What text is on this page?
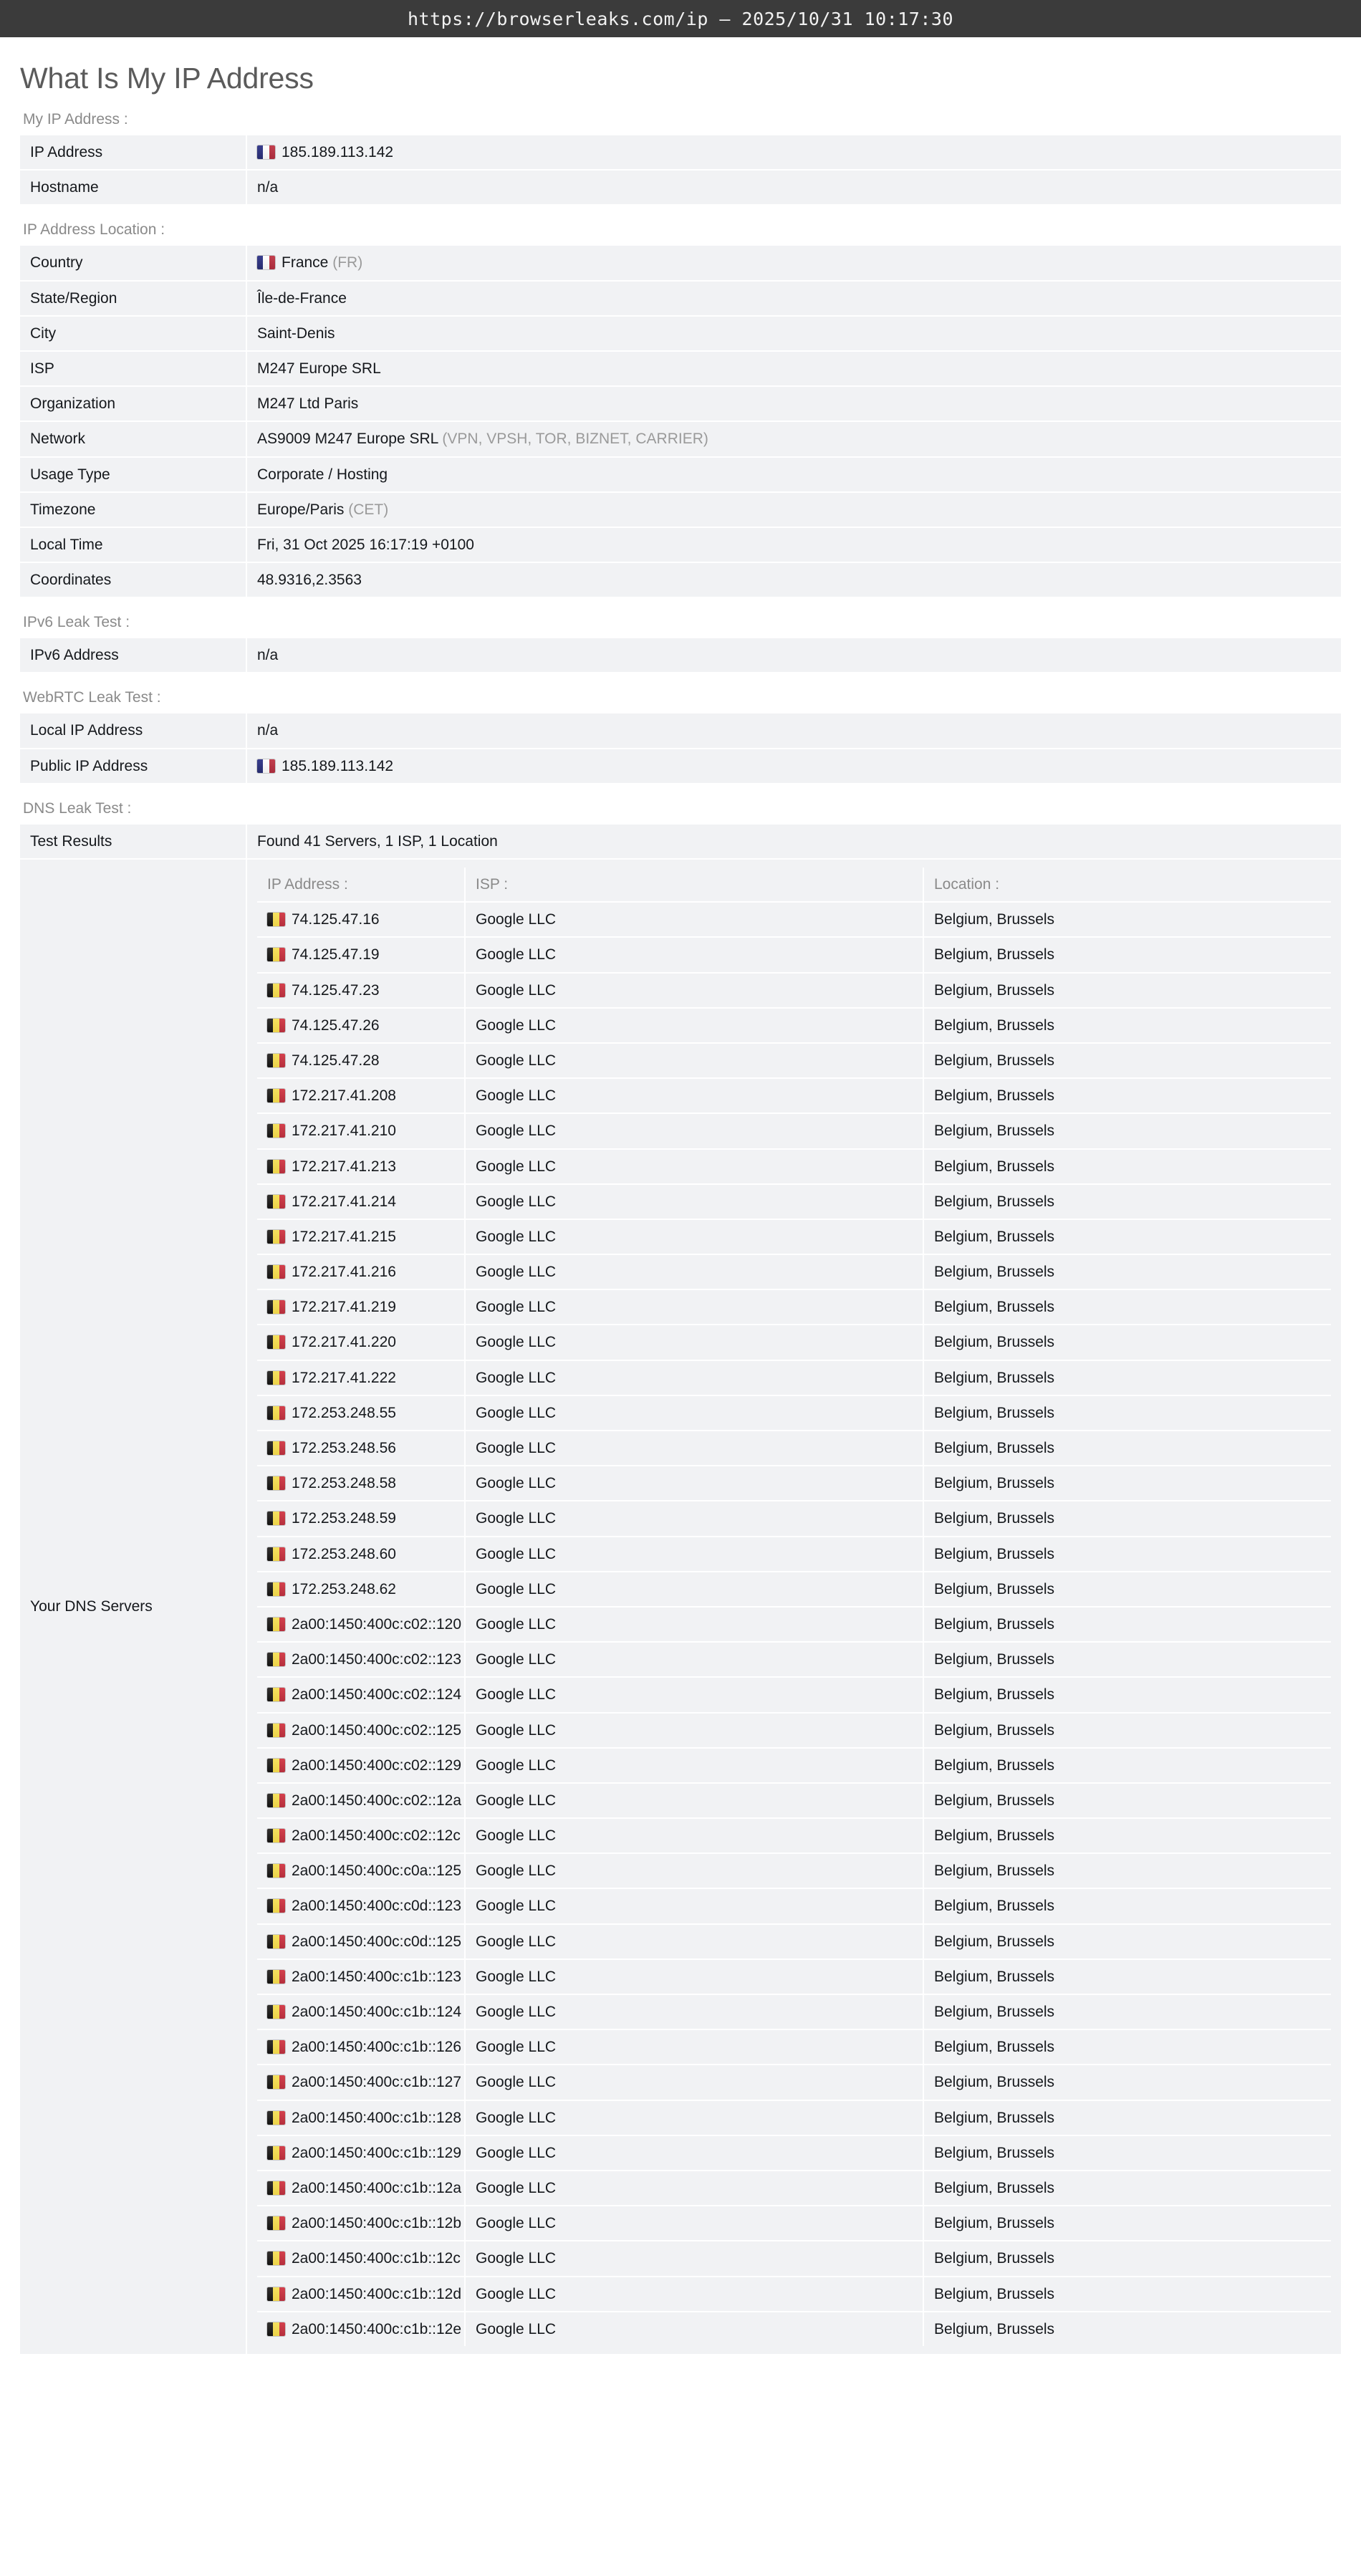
https://browserleaks.com/ip — 2025/10/31 10:17:30
What Is My IP Address
My IP Address :
IP Address	185.189.113.142
Hostname	n/a
IP Address Location :
Country	France (FR)
State/Region	Île-de-France
City	Saint-Denis
ISP	M247 Europe SRL
Organization	M247 Ltd Paris
Network	AS9009 M247 Europe SRL (VPN, VPSH, TOR, BIZNET, CARRIER)
Usage Type	Corporate / Hosting
Timezone	Europe/Paris (CET)
Local Time	Fri, 31 Oct 2025 16:17:19 +0100
Coordinates	48.9316,2.3563
IPv6 Leak Test :
IPv6 Address	n/a
WebRTC Leak Test :
Local IP Address	n/a
Public IP Address	185.189.113.142
DNS Leak Test :
Test Results	Found 41 Servers, 1 ISP, 1 Location
Your DNS Servers	
IP Address :	ISP :	Location :

74.125.47.16	Google LLC	Belgium, Brussels

74.125.47.19	Google LLC	Belgium, Brussels

74.125.47.23	Google LLC	Belgium, Brussels

74.125.47.26	Google LLC	Belgium, Brussels

74.125.47.28	Google LLC	Belgium, Brussels

172.217.41.208	Google LLC	Belgium, Brussels

172.217.41.210	Google LLC	Belgium, Brussels

172.217.41.213	Google LLC	Belgium, Brussels

172.217.41.214	Google LLC	Belgium, Brussels

172.217.41.215	Google LLC	Belgium, Brussels

172.217.41.216	Google LLC	Belgium, Brussels

172.217.41.219	Google LLC	Belgium, Brussels

172.217.41.220	Google LLC	Belgium, Brussels

172.217.41.222	Google LLC	Belgium, Brussels

172.253.248.55	Google LLC	Belgium, Brussels

172.253.248.56	Google LLC	Belgium, Brussels

172.253.248.58	Google LLC	Belgium, Brussels

172.253.248.59	Google LLC	Belgium, Brussels

172.253.248.60	Google LLC	Belgium, Brussels

172.253.248.62	Google LLC	Belgium, Brussels

2a00:1450:400c:c02::120	Google LLC	Belgium, Brussels

2a00:1450:400c:c02::123	Google LLC	Belgium, Brussels

2a00:1450:400c:c02::124	Google LLC	Belgium, Brussels

2a00:1450:400c:c02::125	Google LLC	Belgium, Brussels

2a00:1450:400c:c02::129	Google LLC	Belgium, Brussels

2a00:1450:400c:c02::12a	Google LLC	Belgium, Brussels

2a00:1450:400c:c02::12c	Google LLC	Belgium, Brussels

2a00:1450:400c:c0a::125	Google LLC	Belgium, Brussels

2a00:1450:400c:c0d::123	Google LLC	Belgium, Brussels

2a00:1450:400c:c0d::125	Google LLC	Belgium, Brussels

2a00:1450:400c:c1b::123	Google LLC	Belgium, Brussels

2a00:1450:400c:c1b::124	Google LLC	Belgium, Brussels

2a00:1450:400c:c1b::126	Google LLC	Belgium, Brussels

2a00:1450:400c:c1b::127	Google LLC	Belgium, Brussels

2a00:1450:400c:c1b::128	Google LLC	Belgium, Brussels

2a00:1450:400c:c1b::129	Google LLC	Belgium, Brussels

2a00:1450:400c:c1b::12a	Google LLC	Belgium, Brussels

2a00:1450:400c:c1b::12b	Google LLC	Belgium, Brussels

2a00:1450:400c:c1b::12c	Google LLC	Belgium, Brussels

2a00:1450:400c:c1b::12d	Google LLC	Belgium, Brussels

2a00:1450:400c:c1b::12e	Google LLC	Belgium, Brussels
